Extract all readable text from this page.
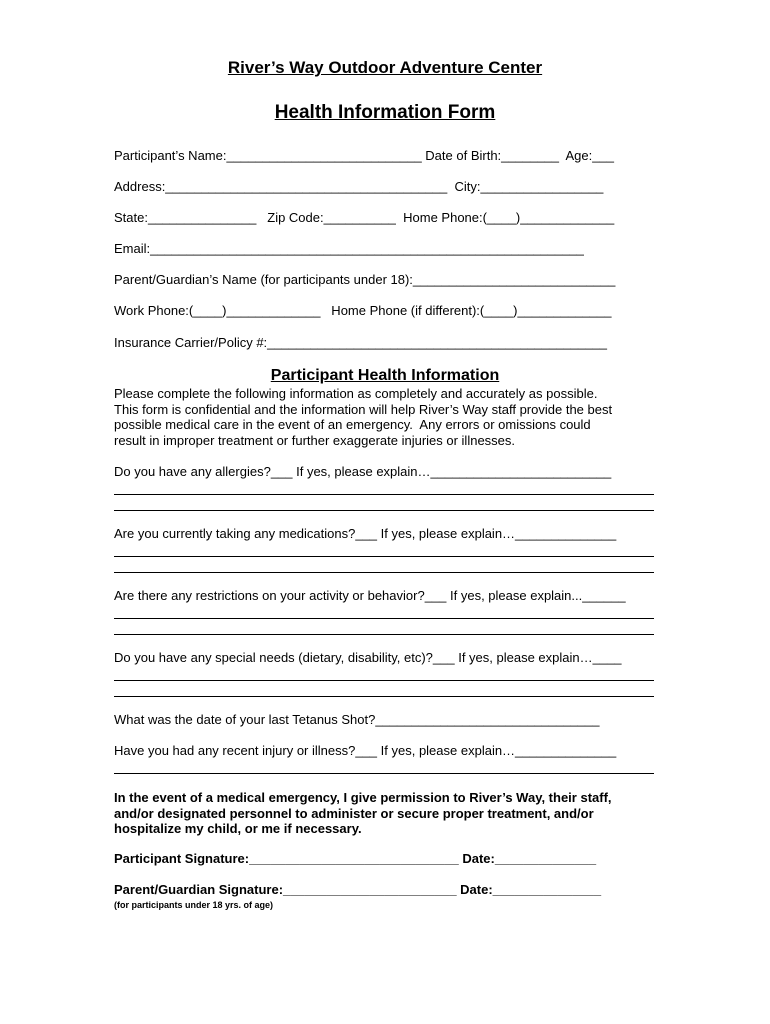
River’s Way Outdoor Adventure Center
Health Information Form
Participant’s Name:___________________________ Date of Birth:________  Age:___
Address:_______________________________________  City:_________________
State:_______________   Zip Code:__________  Home Phone:(____)_____________
Email:____________________________________________________________
Parent/Guardian’s Name (for participants under 18):____________________________
Work Phone:(____)_____________   Home Phone (if different):(____)_____________
Insurance Carrier/Policy #:_______________________________________________
Participant Health Information
Please complete the following information as completely and accurately as possible.
This form is confidential and the information will help River’s Way staff provide the best
possible medical care in the event of an emergency.  Any errors or omissions could
result in improper treatment or further exaggerate injuries or illnesses.
Do you have any allergies?___ If yes, please explain…_________________________
Are you currently taking any medications?___ If yes, please explain…______________
Are there any restrictions on your activity or behavior?___ If yes, please explain...______
Do you have any special needs (dietary, disability, etc)?___ If yes, please explain…____
What was the date of your last Tetanus Shot?_______________________________
Have you had any recent injury or illness?___ If yes, please explain…______________
In the event of a medical emergency, I give permission to River’s Way, their staff,
and/or designated personnel to administer or secure proper treatment, and/or
hospitalize my child, or me if necessary.
Participant Signature:_____________________________ Date:______________
Parent/Guardian Signature:________________________ Date:_______________
(for participants under 18 yrs. of age)
